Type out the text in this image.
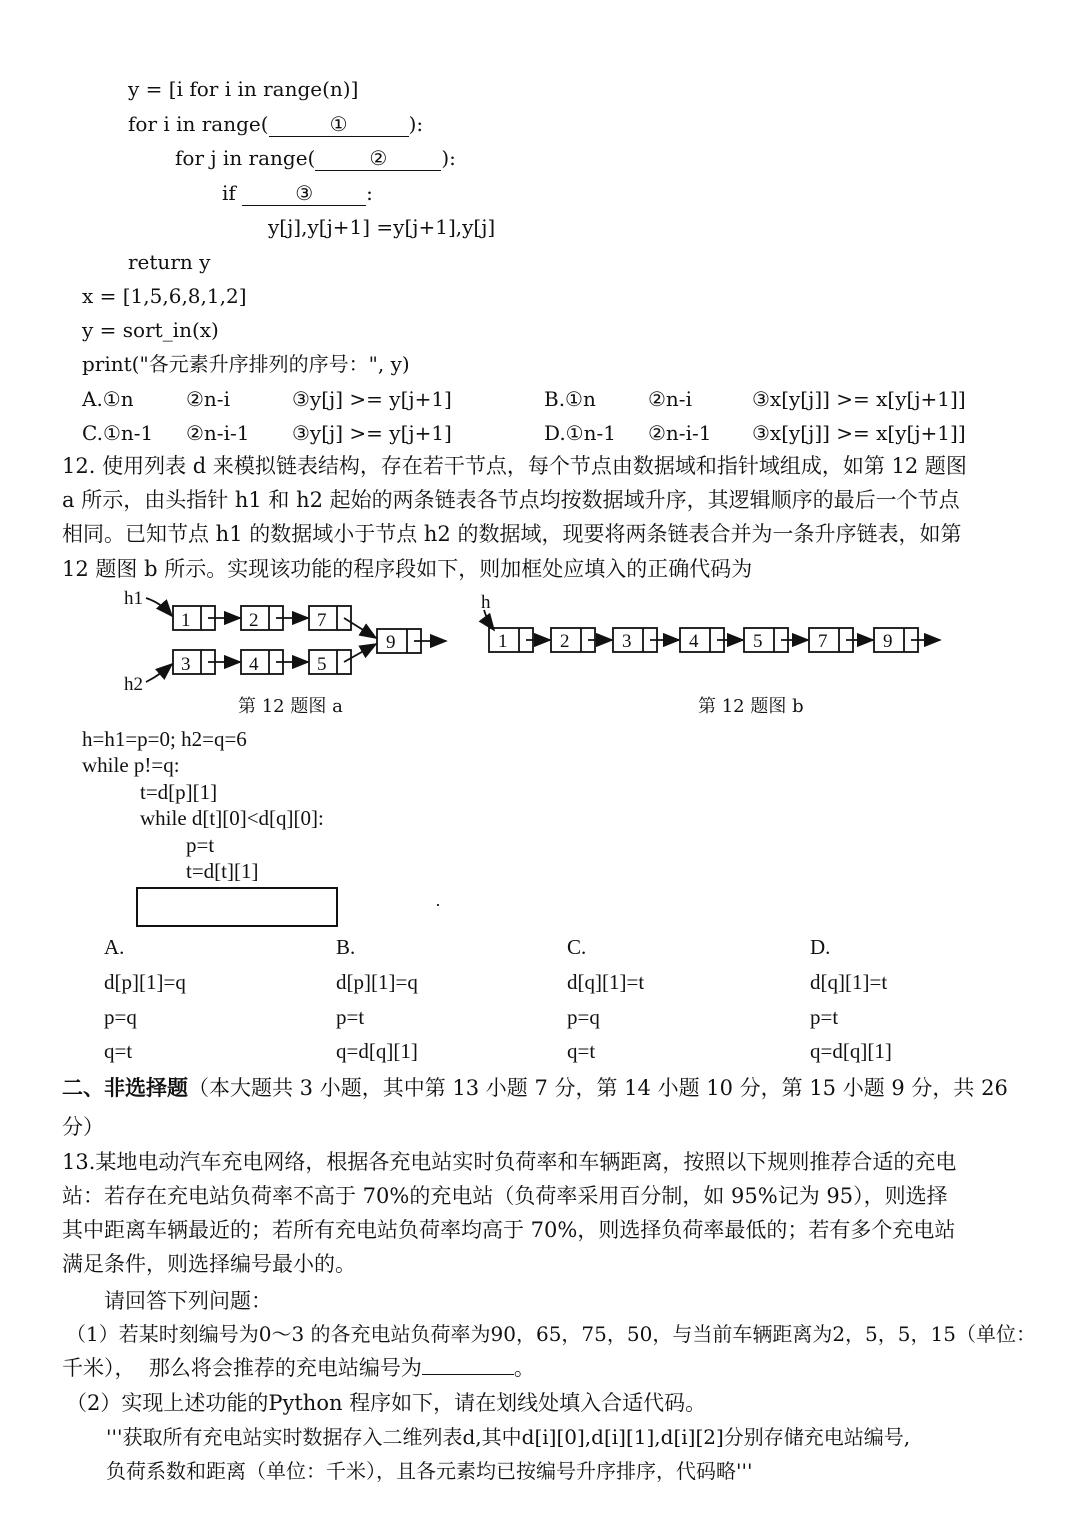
y = [i for i in range(n)]
for i in range(	①	):
for j in range(	②	):
if	③	:
y[j],y[j+1] =y[j+1],y[j]
return y
x = [1,5,6,8,1,2]
y = sort_in(x)
print("各元素升序排列的序号：", y)
A.①n	②n-i	③y[j] >= y[j+1]	B.①n	②n-i	③x[y[j]] >= x[y[j+1]]
C.①n-1 ②n-i-1 ③y[j] >= y[j+1]	D.①n-1 ②n-i-1 ③x[y[j]] >= x[y[j+1]]
12. 使用列表 d 来模拟链表结构，存在若干节点，每个节点由数据域和指针域组成，如第 12 题图
a 所示，由头指针 h1 和 h2 起始的两条链表各节点均按数据域升序，其逻辑顺序的最后一个节点
相同。已知节点 h1 的数据域小于节点 h2 的数据域，现要将两条链表合并为一条升序链表，如第
12 题图 b 所示。实现该功能的程序段如下，则加框处应填入的正确代码为
h1
h2
1	2	7
3	4	5
9
h
1	2	3	4	5	7	9
第 12 题图 a	第 12 题图 b
h=h1=p=0; h2=q=6
while p!=q:
t=d[p][1]
while d[t][0]<d[q][0]:
p=t
t=d[t][1]
A.
d[p][1]=q
p=q
q=t
B.
d[p][1]=q
p=t
q=d[q][1]
C.
d[q][1]=t
p=q
q=t
D.
d[q][1]=t
p=t
q=d[q][1]
二、非选择题（本大题共 3 小题，其中第 13 小题 7 分，第 14 小题 10 分，第 15 小题 9 分，共 26
分）
13.某地电动汽车充电网络，根据各充电站实时负荷率和车辆距离，按照以下规则推荐合适的充电
站：若存在充电站负荷率不高于 70%的充电站（负荷率采用百分制，如 95%记为 95），则选择
其中距离车辆最近的；若所有充电站负荷率均高于 70%，则选择负荷率最低的；若有多个充电站
满足条件，则选择编号最小的。
请回答下列问题：
（1）若某时刻编号为0～3 的各充电站负荷率为90，65，75，50，与当前车辆距离为2，5，5，15（单位：
千米），  那么将会推荐的充电站编号为	。
（2）实现上述功能的Python 程序如下，请在划线处填入合适代码。
'''获取所有充电站实时数据存入二维列表d,其中d[i][0],d[i][1],d[i][2]分别存储充电站编号,
负荷系数和距离（单位：千米），且各元素均已按编号升序排序，代码略'''
